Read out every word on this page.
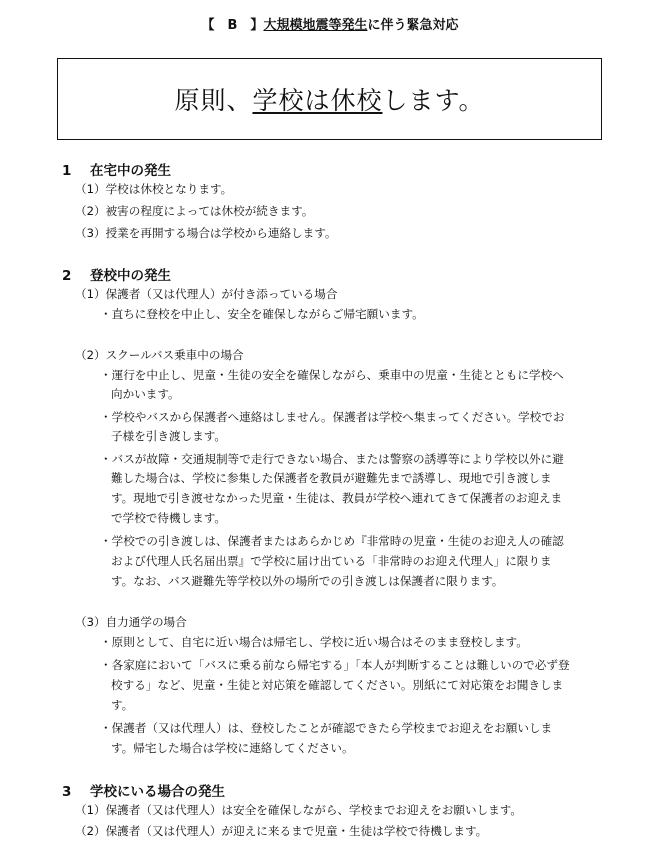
【　B　】大規模地震等発生に伴う緊急対応
原則、学校は休校します。
1 在宅中の発生
（1）学校は休校となります。
（2）被害の程度によっては休校が続きます。
（3）授業を再開する場合は学校から連絡します。
2 登校中の発生
（1）保護者（又は代理人）が付き添っている場合
・直ちに登校を中止し、安全を確保しながらご帰宅願います。
（2）スクールバス乗車中の場合
・運行を中止し、児童・生徒の安全を確保しながら、乗車中の児童・生徒とともに学校へ
向かいます。
・学校やバスから保護者へ連絡はしません。保護者は学校へ集まってください。学校でお
子様を引き渡します。
・バスが故障・交通規制等で走行できない場合、または警察の誘導等により学校以外に避
難した場合は、学校に参集した保護者を教員が避難先まで誘導し、現地で引き渡しま
す。現地で引き渡せなかった児童・生徒は、教員が学校へ連れてきて保護者のお迎えま
で学校で待機します。
・学校での引き渡しは、保護者またはあらかじめ『非常時の児童・生徒のお迎え人の確認
および代理人氏名届出票』で学校に届け出ている「非常時のお迎え代理人」に限りま
す。なお、バス避難先等学校以外の場所での引き渡しは保護者に限ります。
（3）自力通学の場合
・原則として、自宅に近い場合は帰宅し、学校に近い場合はそのまま登校します。
・各家庭において「バスに乗る前なら帰宅する」「本人が判断することは難しいので必ず登
校する」など、児童・生徒と対応策を確認してください。別紙にて対応策をお聞きしま
す。
・保護者（又は代理人）は、登校したことが確認できたら学校までお迎えをお願いしま
す。帰宅した場合は学校に連絡してください。
3 学校にいる場合の発生
（1）保護者（又は代理人）は安全を確保しながら、学校までお迎えをお願いします。
（2）保護者（又は代理人）が迎えに来るまで児童・生徒は学校で待機します。
